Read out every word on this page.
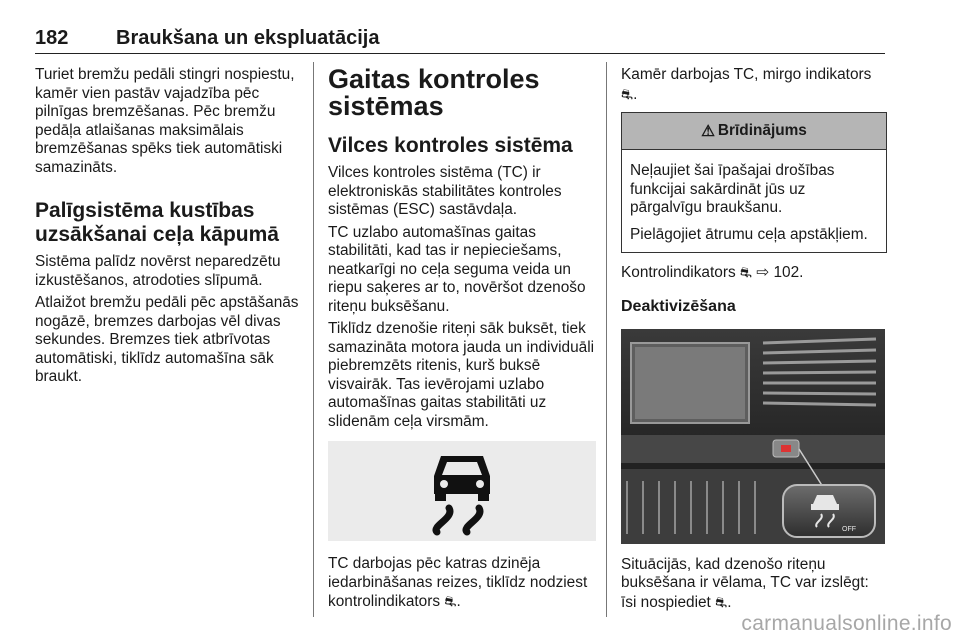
182 Braukšana un ekspluatācija

Turiet bremžu pedāli stingri nospiestu, kamēr vien pastāv vajadzība pēc pilnīgas bremzēšanas. Pēc bremžu pedāļa atlaišanas maksimālais bremzēšanas spēks tiek automātiski samazināts.

Palīgsistēma kustības uzsākšanai ceļa kāpumā

Sistēma palīdz novērst neparedzētu izkustēšanos, atrodoties slīpumā.

Atlaižot bremžu pedāli pēc apstāšanās nogāzē, bremzes darbojas vēl divas sekundes. Bremzes tiek atbrīvotas automātiski, tiklīdz automašīna sāk braukt.

Gaitas kontroles sistēmas
Vilces kontroles sistēma

Vilces kontroles sistēma (TC) ir elektroniskās stabilitātes kontroles sistēmas (ESC) sastāvdaļa.

TC uzlabo automašīnas gaitas stabilitāti, kad tas ir nepieciešams, neatkarīgi no ceļa seguma veida un riepu saķeres ar to, novēršot dzenošo riteņu buksēšanu.

Tiklīdz dzenošie riteņi sāk buksēt, tiek samazināta motora jauda un individuāli piebremzēts ritenis, kurš buksē visvairāk. Tas ievērojami uzlabo automašīnas gaitas stabilitāti uz slidenām ceļa virsmām.

TC darbojas pēc katras dzinēja iedarbināšanas reizes, tiklīdz nodziest kontrolindikators ⛐.

Kamēr darbojas TC, mirgo indikators ⛐.

⚠ Brīdinājums

Neļaujiet šai īpašajai drošības funkcijai sakārdināt jūs uz pārgalvīgu braukšanu.

Pielāgojiet ātrumu ceļa apstākļiem.

Kontrolindikators ⛐ ⇨ 102.

Deaktivizēšana
OFF

Situācijās, kad dzenošo riteņu buksēšana ir vēlama, TC var izslēgt: īsi nospiediet ⛐.

carmanualsonline.info
